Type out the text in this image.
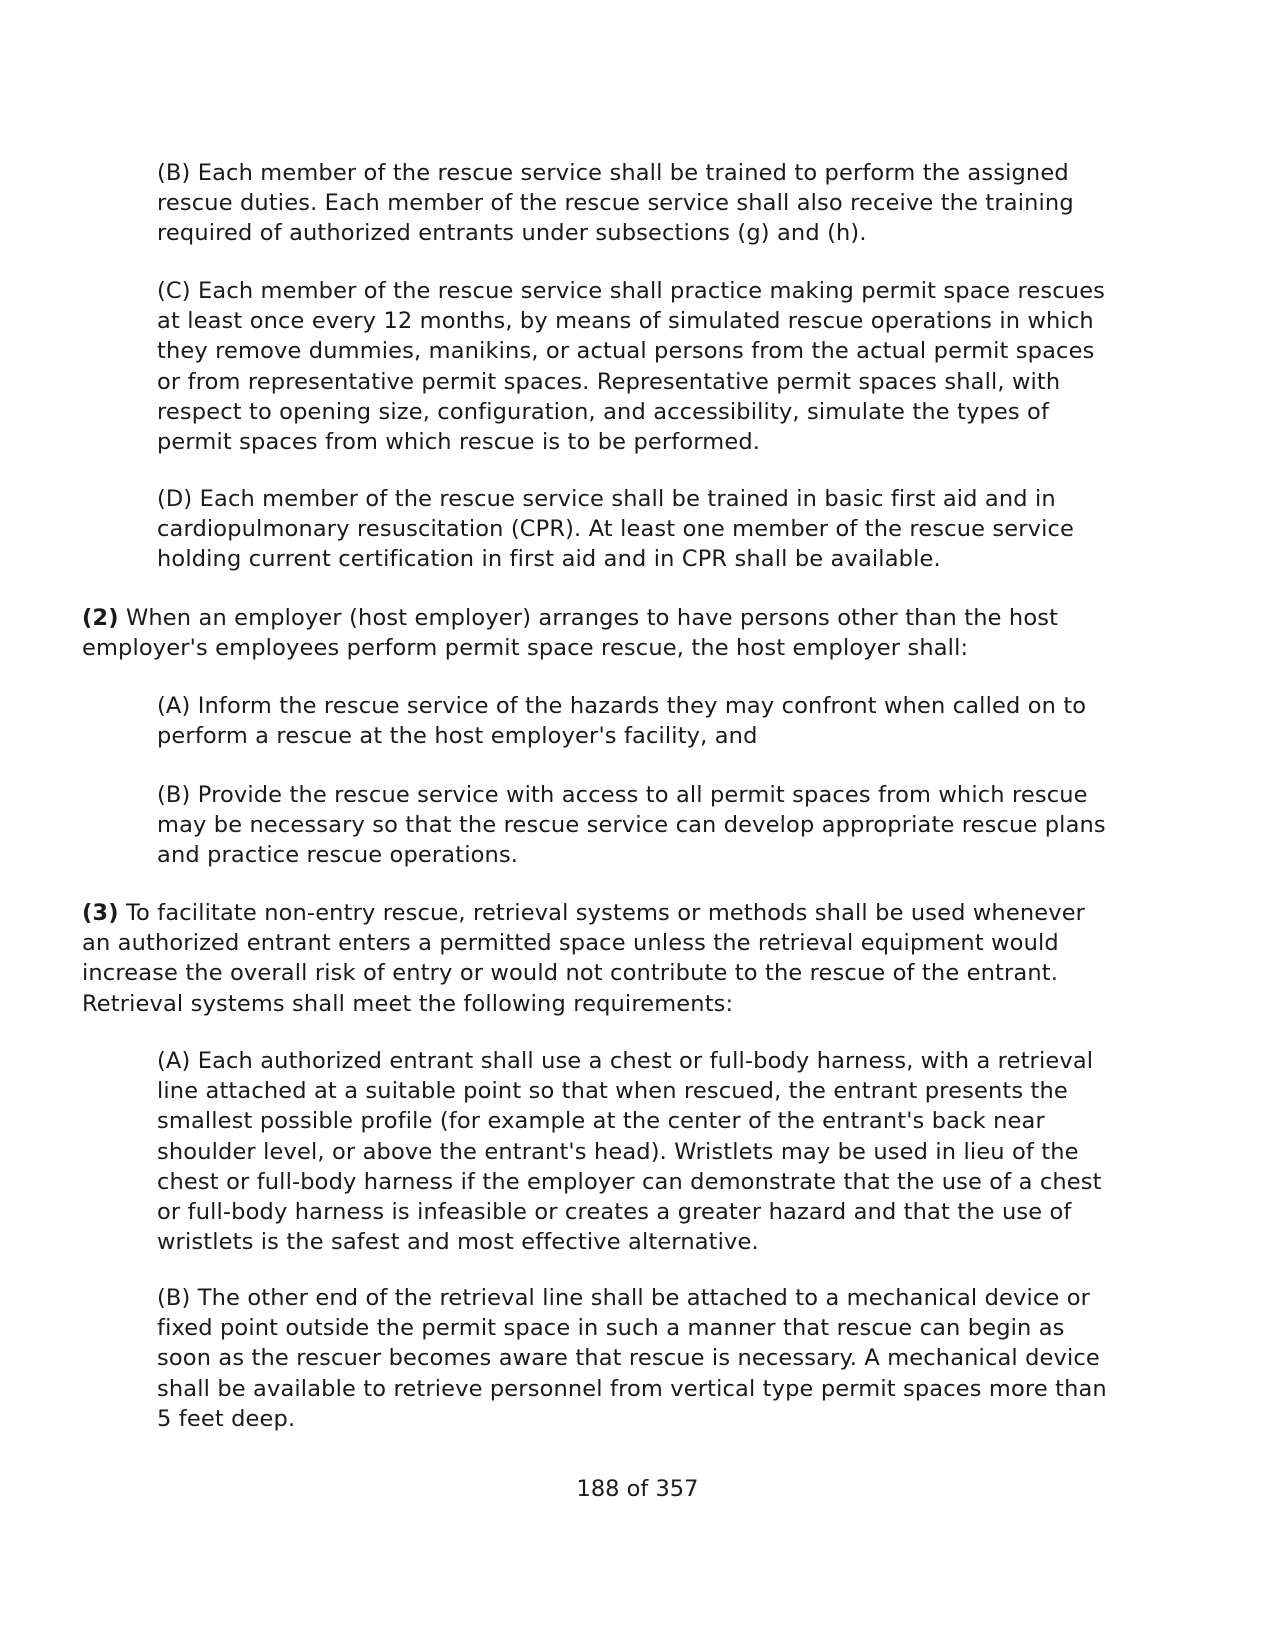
(B) Each member of the rescue service shall be trained to perform the assigned
rescue duties. Each member of the rescue service shall also receive the training
required of authorized entrants under subsections (g) and (h).

(C) Each member of the rescue service shall practice making permit space rescues
at least once every 12 months, by means of simulated rescue operations in which
they remove dummies, manikins, or actual persons from the actual permit spaces
or from representative permit spaces. Representative permit spaces shall, with
respect to opening size, configuration, and accessibility, simulate the types of
permit spaces from which rescue is to be performed.

(D) Each member of the rescue service shall be trained in basic first aid and in
cardiopulmonary resuscitation (CPR). At least one member of the rescue service
holding current certification in first aid and in CPR shall be available.

(2) When an employer (host employer) arranges to have persons other than the host
employer's employees perform permit space rescue, the host employer shall:

(A) Inform the rescue service of the hazards they may confront when called on to
perform a rescue at the host employer's facility, and

(B) Provide the rescue service with access to all permit spaces from which rescue
may be necessary so that the rescue service can develop appropriate rescue plans
and practice rescue operations.

(3) To facilitate non-entry rescue, retrieval systems or methods shall be used whenever
an authorized entrant enters a permitted space unless the retrieval equipment would
increase the overall risk of entry or would not contribute to the rescue of the entrant.
Retrieval systems shall meet the following requirements:

(A) Each authorized entrant shall use a chest or full-body harness, with a retrieval
line attached at a suitable point so that when rescued, the entrant presents the
smallest possible profile (for example at the center of the entrant's back near
shoulder level, or above the entrant's head). Wristlets may be used in lieu of the
chest or full-body harness if the employer can demonstrate that the use of a chest
or full-body harness is infeasible or creates a greater hazard and that the use of
wristlets is the safest and most effective alternative.

(B) The other end of the retrieval line shall be attached to a mechanical device or
fixed point outside the permit space in such a manner that rescue can begin as
soon as the rescuer becomes aware that rescue is necessary. A mechanical device
shall be available to retrieve personnel from vertical type permit spaces more than
5 feet deep.

188 of 357
